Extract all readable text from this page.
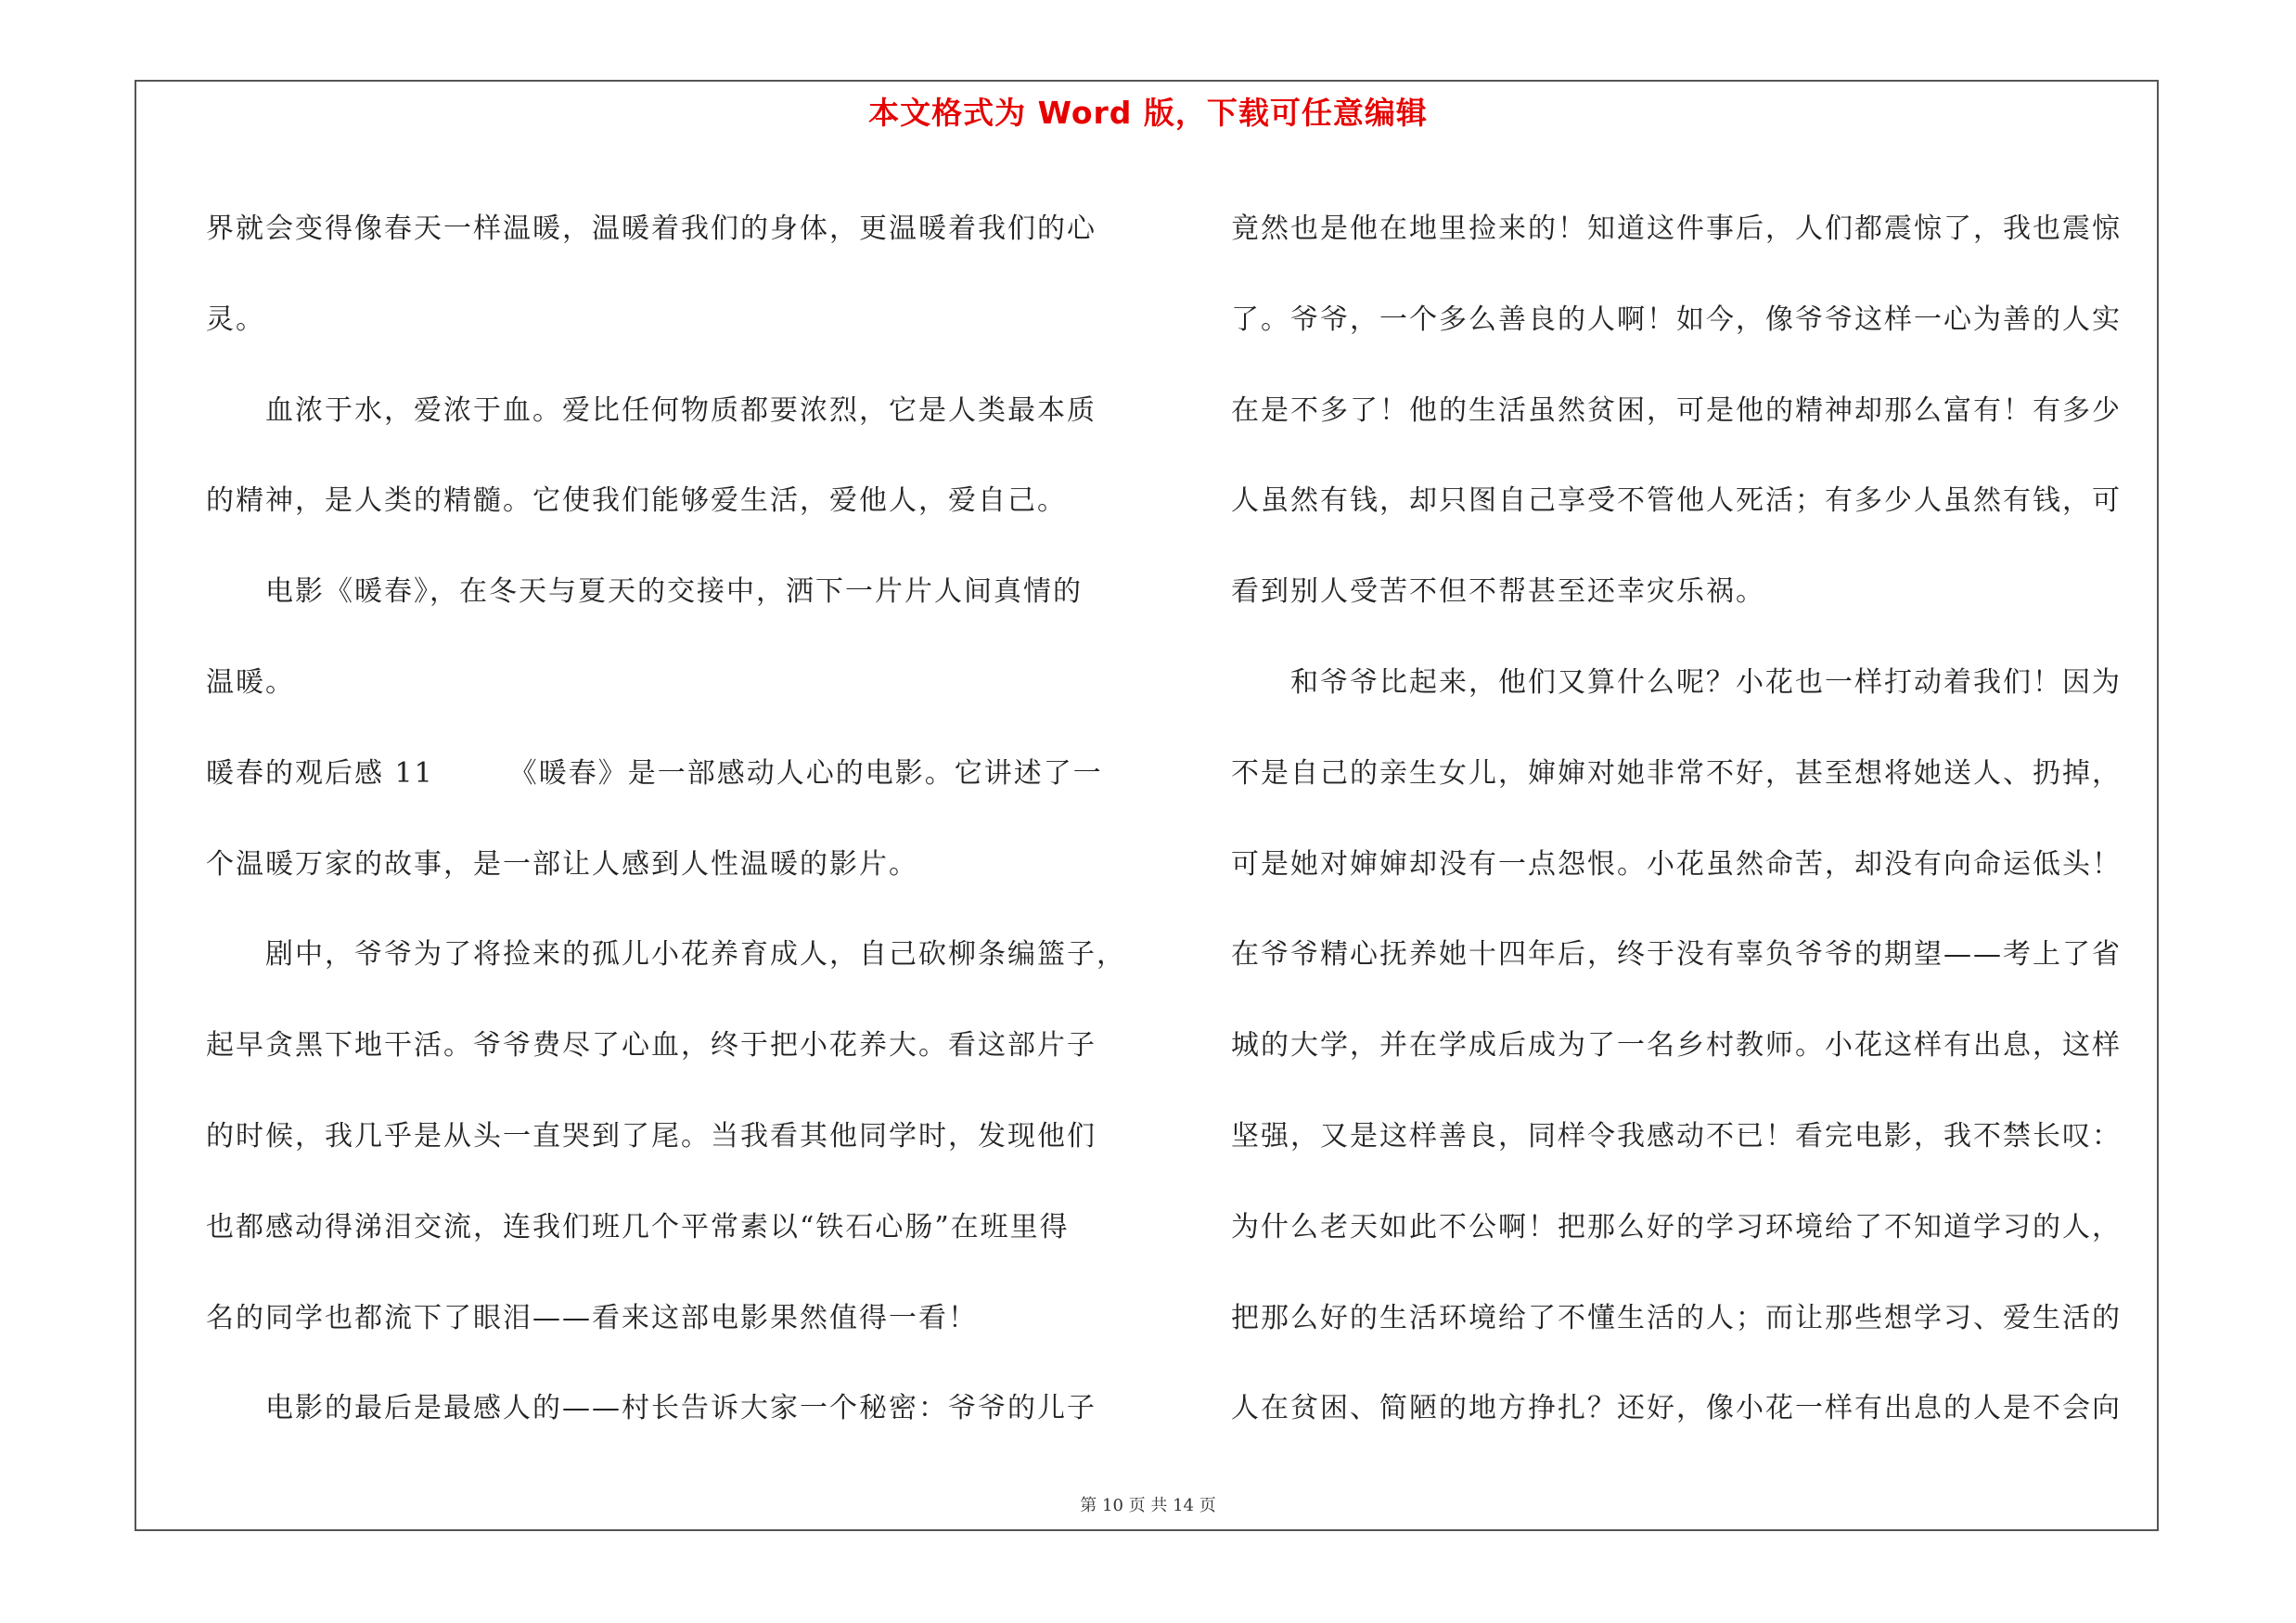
本文格式为 Word 版，下载可任意编辑
界就会变得像春天一样温暖，温暖着我们的身体，更温暖着我们的心
灵。
　　血浓于水，爱浓于血。爱比任何物质都要浓烈，它是人类最本质
的精神，是人类的精髓。它使我们能够爱生活，爱他人，爱自己。
　　电影《暖春》，在冬天与夏天的交接中，洒下一片片人间真情的
温暖。
暖春的观后感 11　　　《暖春》是一部感动人心的电影。它讲述了一
个温暖万家的故事，是一部让人感到人性温暖的影片。
　　剧中，爷爷为了将捡来的孤儿小花养育成人，自己砍柳条编篮子，
起早贪黑下地干活。爷爷费尽了心血，终于把小花养大。看这部片子
的时候，我几乎是从头一直哭到了尾。当我看其他同学时，发现他们
也都感动得涕泪交流，连我们班几个平常素以“铁石心肠”在班里得
名的同学也都流下了眼泪——看来这部电影果然值得一看！
　　电影的最后是最感人的——村长告诉大家一个秘密：爷爷的儿子
竟然也是他在地里捡来的！知道这件事后，人们都震惊了，我也震惊
了。爷爷，一个多么善良的人啊！如今，像爷爷这样一心为善的人实
在是不多了！他的生活虽然贫困，可是他的精神却那么富有！有多少
人虽然有钱，却只图自己享受不管他人死活；有多少人虽然有钱，可
看到别人受苦不但不帮甚至还幸灾乐祸。
　　和爷爷比起来，他们又算什么呢？小花也一样打动着我们！因为
不是自己的亲生女儿，婶婶对她非常不好，甚至想将她送人、扔掉，
可是她对婶婶却没有一点怨恨。小花虽然命苦，却没有向命运低头！
在爷爷精心抚养她十四年后，终于没有辜负爷爷的期望——考上了省
城的大学，并在学成后成为了一名乡村教师。小花这样有出息，这样
坚强，又是这样善良，同样令我感动不已！看完电影，我不禁长叹：
为什么老天如此不公啊！把那么好的学习环境给了不知道学习的人，
把那么好的生活环境给了不懂生活的人；而让那些想学习、爱生活的
人在贫困、简陋的地方挣扎？还好，像小花一样有出息的人是不会向
第 10 页 共 14 页
